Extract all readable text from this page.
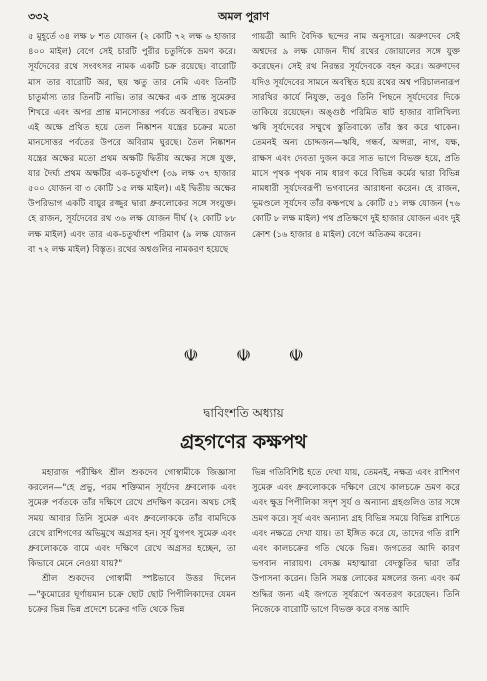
৩৩২	অমল পুরাণ

৫ মুহূর্তে ৩৪ লক্ষ ৮ শত যোজন (২ কোটি ৭২ লক্ষ ৬ হাজার ৪০০ মাইল) বেগে সেই চারটি পুরীর চতুর্দিকে ভ্রমণ করে। সূর্যদেবের রথে সংবৎসর নামক একটি চক্র রয়েছে। বারোটি মাস তার বারোটি অর, ছয় ঋতু তার নেমি এবং তিনটি চাতুর্মাস্য তার তিনটি নাভি। তার অক্ষের এক প্রান্ত সুমেরুর শিখরে এবং অপর প্রান্ত মানসোত্তর পর্বতে অবস্থিত। রথচক্র এই অক্ষে প্রথিত হয়ে তেল নিষ্কাশন যন্ত্রের চক্রের মতো মানসোত্তর পর্বতের উপরে অবিরাম ঘুরছে। তৈল নিষ্কাশন যন্ত্রের অক্ষের মতো প্রথম অক্ষটি দ্বিতীয় অক্ষের সঙ্গে যুক্ত, যার দৈর্ঘ্য প্রথম অক্ষটির এক-চতুর্থাংশ (৩৯ লক্ষ ৩৭ হাজার ৫০০ যোজন বা ৩ কোটি ১৫ লক্ষ মাইল)। এই দ্বিতীয় অক্ষের উপরিভাগ একটি বায়ুর রজ্জুর দ্বারা ধ্রুবলোকের সঙ্গে সংযুক্ত। হে রাজন, সূর্যদেবের রথ ৩৬ লক্ষ যোজন দীর্ঘ (২ কোটি ৮৮ লক্ষ মাইল) এবং তার এক-চতুর্থাংশ পরিমাণ (৯ লক্ষ যোজন বা ৭২ লক্ষ মাইল) বিস্তৃত। রথের অশ্বগুলির নামকরণ হয়েছে

গায়ত্রী আদি বৈদিক ছন্দের নাম অনুসারে। অরুণদেব সেই অশ্বদের ৯ লক্ষ যোজন দীর্ঘ রথের জোয়ালের সঙ্গে যুক্ত করেছেন। সেই রথ নিরন্তর সূর্যদেবকে বহন করে। অরুণদেব যদিও সূর্যদেবের সামনে অবস্থিত হয়ে রথের অশ্ব পরিচালনারূপ সারথির কার্যে নিযুক্ত, তবুও তিনি পিছনে সূর্যদেবের দিকে তাকিয়ে রয়েছেন। অঙ্গুষ্ঠ পরিমিত ষাট হাজার বালিখিল্য ঋষি সূর্যদেবের সম্মুখে স্তুতিবাক্যে তাঁর স্তব করে থাকেন। তেমনই অন্য চোদ্দজন—ঋষি, গন্ধর্ব, অপ্সরা, নাগ, যক্ষ, রাক্ষস এবং দেবতা দুজন করে সাত ভাগে বিভক্ত হয়ে, প্রতি মাসে পৃথক পৃথক নাম ধারণ করে বিভিন্ন কর্মের দ্বারা বিভিন্ন নামধারী সূর্যদেবরূপী ভগবানের আরাধনা করেন। হে রাজন, ভূমণ্ডলে সূর্যদেব তাঁর কক্ষপথে ৯ কোটি ৫১ লক্ষ যোজন (৭৬ কোটি ৮ লক্ষ মাইল) পথ প্রতিক্ষণে দুই হাজার যোজন এবং দুই ক্রোশ (১৬ হাজার ৪ মাইল) বেগে অতিক্রম করেন।

☫ ☫ ☫
দ্বাবিংশতি অধ্যায়
গ্রহগণের কক্ষপথ

মহারাজ পরীক্ষিৎ শ্রীল শুকদেব গোস্বামীকে জিজ্ঞাসা করলেন—"হে প্রভু, পরম শক্তিমান সূর্যদেব ধ্রুবলোক এবং সুমেরু পর্বতকে তাঁর দক্ষিণে রেখে প্রদক্ষিণ করেন। অথচ সেই সময় আবার তিনি সুমেরু এবং ধ্রুবলোককে তাঁর বামদিকে রেখে রাশিগণের অভিমুখে অগ্রসর হন। সূর্য যুগপৎ সুমেরু এবং ধ্রুবলোককে বামে এবং দক্ষিণে রেখে অগ্রসর হচ্ছেন, তা কিভাবে মেনে নেওয়া যায়?"

শ্রীল শুকদেব গোস্বামী স্পষ্টভাবে উত্তর দিলেন—"কুমোরের ঘূর্ণায়মান চক্রে ছোট ছোট পিপীলিকাদের যেমন চক্রের ভিন্ন ভিন্ন প্রদেশে চক্রের গতি থেকে ভিন্ন

ভিন্ন গতিবিশিষ্ট হতে দেখা যায়, তেমনই, নক্ষত্র এবং রাশিগণ সুমেরু এবং ধ্রুবলোককে দক্ষিণে রেখে কালচক্রে ভ্রমণ করে এবং ক্ষুদ্র পিপীলিকা সদৃশ সূর্য ও অন্যান্য গ্রহগুলিও তার সঙ্গে ভ্রমণ করে। সূর্য এবং অন্যান্য গ্রহ বিভিন্ন সময়ে বিভিন্ন রাশিতে এবং নক্ষত্রে দেখা যায়। তা ইঙ্গিত করে যে, তাদের গতি রাশি এবং কালচক্রের গতি থেকে ভিন্ন। জগতের আদি কারণ ভগবান নারায়ণ। বেদজ্ঞ মহাত্মারা বেদস্তুতির দ্বারা তাঁর উপাসনা করেন। তিনি সমস্ত লোকের মঙ্গলের জন্য এবং কর্ম শুদ্ধির জন্য এই জগতে সূর্যরূপে অবতরণ করেছেন। তিনি নিজেকে বারোটি ভাগে বিভক্ত করে বসন্ত আদি
